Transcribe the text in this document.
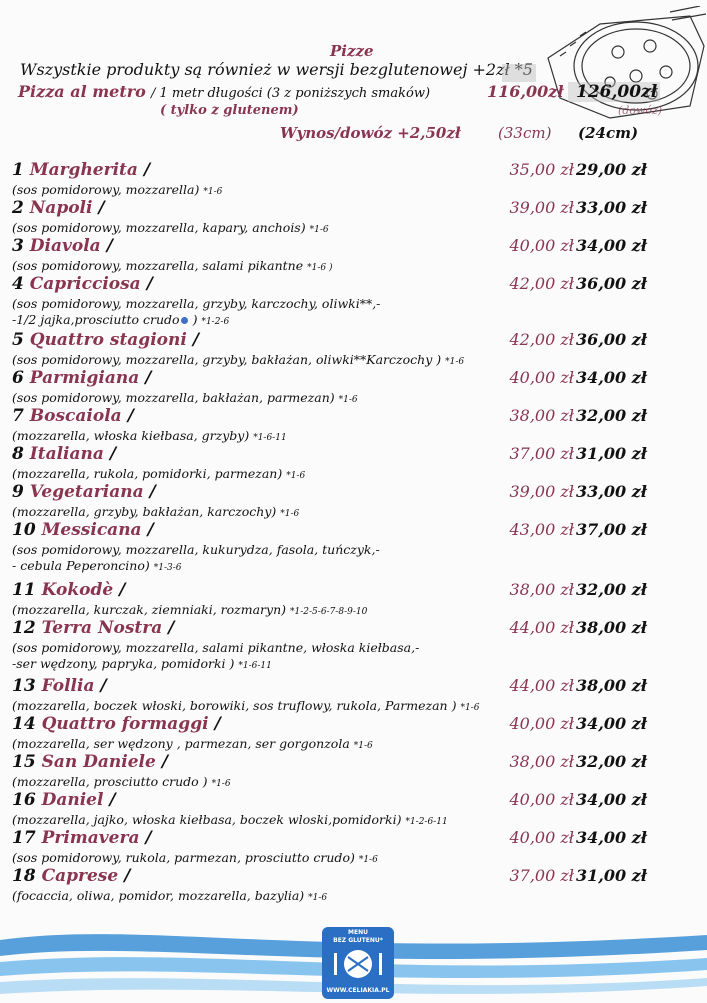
Pizze
Wszystkie produkty są również w wersji bezglutenowej +2zł *5
Pizza al metro / 1 metr długości (3 z poniższych smaków)	116,00zł 126,00zł
( tylko z glutenem)	(dowóz)
Wynos/dowóz +2,50zł (33cm) (24cm)
1 Margherita /	35,00 zł 29,00 zł
(sos pomidorowy, mozzarella) *1-6
2 Napoli /	39,00 zł 33,00 zł
(sos pomidorowy, mozzarella, kapary, anchois) *1-6
3 Diavola /	40,00 zł 34,00 zł
(sos pomidorowy, mozzarella, salami pikantne *1-6 )
4 Capricciosa /	42,00 zł 36,00 zł
(sos pomidorowy, mozzarella, grzyby, karczochy, oliwki**,-
-1/2 jajka,prosciutto crudo ) *1-2-6
5 Quattro stagioni /	42,00 zł 36,00 zł
(sos pomidorowy, mozzarella, grzyby, bakłażan, oliwki**Karczochy ) *1-6
6 Parmigiana /	40,00 zł 34,00 zł
(sos pomidorowy, mozzarella, bakłażan, parmezan) *1-6
7 Boscaiola /	38,00 zł 32,00 zł
(mozzarella, włoska kiełbasa, grzyby) *1-6-11
8 Italiana /	37,00 zł 31,00 zł
(mozzarella, rukola, pomidorki, parmezan) *1-6
9 Vegetariana /	39,00 zł 33,00 zł
(mozzarella, grzyby, bakłażan, karczochy) *1-6
10 Messicana /	43,00 zł 37,00 zł
(sos pomidorowy, mozzarella, kukurydza, fasola, tuńczyk,-
- cebula Peperoncino) *1-3-6
11 Kokodè /	38,00 zł 32,00 zł
(mozzarella, kurczak, ziemniaki, rozmaryn) *1-2-5-6-7-8-9-10
12 Terra Nostra /	44,00 zł 38,00 zł
(sos pomidorowy, mozzarella, salami pikantne, włoska kiełbasa,-
-ser wędzony, papryka, pomidorki ) *1-6-11
13 Follia /	44,00 zł 38,00 zł
(mozzarella, boczek włoski, borowiki, sos truflowy, rukola, Parmezan ) *1-6
14 Quattro formaggi /	40,00 zł 34,00 zł
(mozzarella, ser wędzony , parmezan, ser gorgonzola *1-6
15 San Daniele /	38,00 zł 32,00 zł
(mozzarella, prosciutto crudo ) *1-6
16 Daniel /	40,00 zł 34,00 zł
(mozzarella, jajko, włoska kiełbasa, boczek wloski,pomidorki) *1-2-6-11
17 Primavera /	40,00 zł 34,00 zł
(sos pomidorowy, rukola, parmezan, prosciutto crudo) *1-6
18 Caprese /	37,00 zł 31,00 zł
(focaccia, oliwa, pomidor, mozzarella, bazylia) *1-6
MENU
BEZ GLUTENU*
WWW.CELIAKIA.PL
